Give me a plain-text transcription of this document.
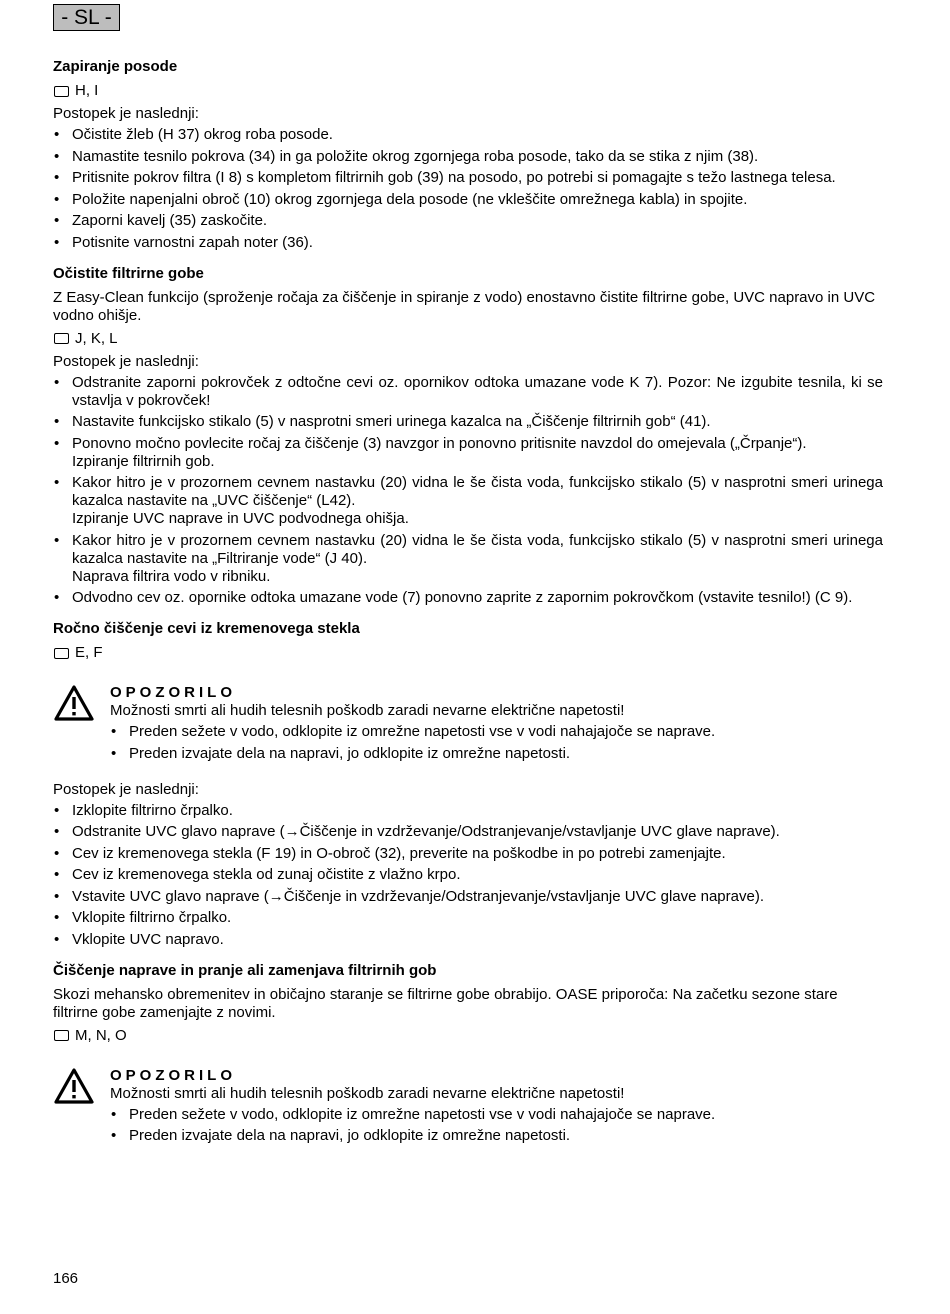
- SL -
Zapiranje posode
H, I

Postopek je naslednji:

• Očistite žleb (H 37) okrog roba posode.
• Namastite tesnilo pokrova (34) in ga položite okrog zgornjega roba posode, tako da se stika z njim (38).
• Pritisnite pokrov filtra (I 8) s kompletom filtrirnih gob (39) na posodo, po potrebi si pomagajte s težo lastnega telesa.
• Položite napenjalni obroč (10) okrog zgornjega dela posode (ne vkleščite omrežnega kabla) in spojite.
• Zaporni kavelj (35) zaskočite.
• Potisnite varnostni zapah noter (36).
Očistite filtrirne gobe

Z Easy-Clean funkcijo (sproženje ročaja za čiščenje in spiranje z vodo) enostavno čistite filtrirne gobe, UVC napravo in UVC vodno ohišje.

J, K, L

Postopek je naslednji:

• Odstranite zaporni pokrovček z odtočne cevi oz. opornikov odtoka umazane vode K 7). Pozor: Ne izgubite tesnila, ki se vstavlja v pokrovček!
• Nastavite funkcijsko stikalo (5) v nasprotni smeri urinega kazalca na „Čiščenje filtrirnih gob“ (41).
• Ponovno močno povlecite ročaj za čiščenje (3) navzgor in ponovno pritisnite navzdol do omejevala („Črpanje“).
Izpiranje filtrirnih gob.
• Kakor hitro je v prozornem cevnem nastavku (20) vidna le še čista voda, funkcijsko stikalo (5) v nasprotni smeri urinega kazalca nastavite na „UVC čiščenje“ (L42).
Izpiranje UVC naprave in UVC podvodnega ohišja.
• Kakor hitro je v prozornem cevnem nastavku (20) vidna le še čista voda, funkcijsko stikalo (5) v nasprotni smeri urinega kazalca nastavite na „Filtriranje vode“ (J 40).
Naprava filtrira vodo v ribniku.
• Odvodno cev oz. opornike odtoka umazane vode (7) ponovno zaprite z zapornim pokrovčkom (vstavite tesnilo!) (C 9).
Ročno čiščenje cevi iz kremenovega stekla
E, F
OPOZORILO

Možnosti smrti ali hudih telesnih poškodb zaradi nevarne električne napetosti!

• Preden sežete v vodo, odklopite iz omrežne napetosti vse v vodi nahajajoče se naprave.
• Preden izvajate dela na napravi, jo odklopite iz omrežne napetosti.

Postopek je naslednji:

• Izklopite filtrirno črpalko.
• Odstranite UVC glavo naprave (→Čiščenje in vzdrževanje/Odstranjevanje/vstavljanje UVC glave naprave).
• Cev iz kremenovega stekla (F 19) in O-obroč (32), preverite na poškodbe in po potrebi zamenjajte.
• Cev iz kremenovega stekla od zunaj očistite z vlažno krpo.
• Vstavite UVC glavo naprave (→Čiščenje in vzdrževanje/Odstranjevanje/vstavljanje UVC glave naprave).
• Vklopite filtrirno črpalko.
• Vklopite UVC napravo.
Čiščenje naprave in pranje ali zamenjava filtrirnih gob

Skozi mehansko obremenitev in običajno staranje se filtrirne gobe obrabijo. OASE priporoča: Na začetku sezone stare filtrirne gobe zamenjajte z novimi.

M, N, O
OPOZORILO

Možnosti smrti ali hudih telesnih poškodb zaradi nevarne električne napetosti!

• Preden sežete v vodo, odklopite iz omrežne napetosti vse v vodi nahajajoče se naprave.
• Preden izvajate dela na napravi, jo odklopite iz omrežne napetosti.
166
